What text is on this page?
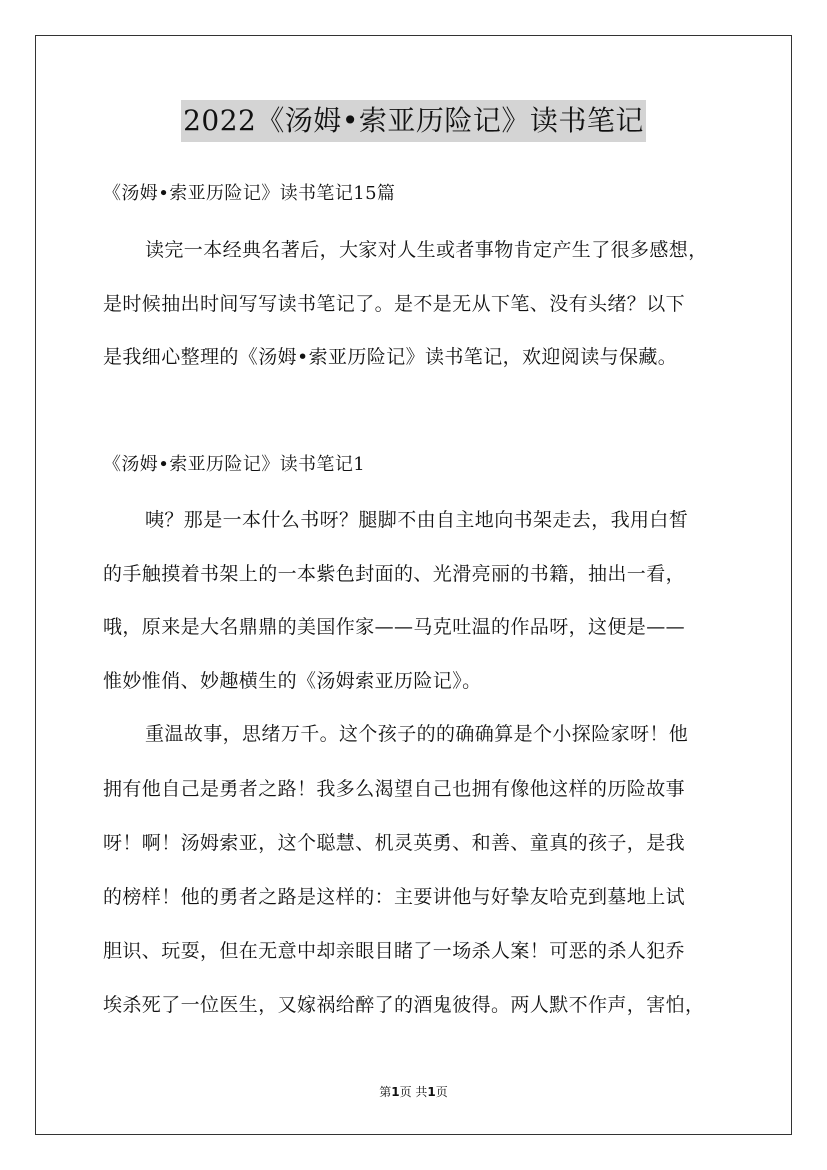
2022《汤姆•索亚历险记》读书笔记
《汤姆•索亚历险记》读书笔记15篇
读完一本经典名著后，大家对人生或者事物肯定产生了很多感想，
是时候抽出时间写写读书笔记了。是不是无从下笔、没有头绪？以下
是我细心整理的《汤姆•索亚历险记》读书笔记，欢迎阅读与保藏。
《汤姆•索亚历险记》读书笔记1
咦？那是一本什么书呀？腿脚不由自主地向书架走去，我用白皙
的手触摸着书架上的一本紫色封面的、光滑亮丽的书籍，抽出一看，
哦，原来是大名鼎鼎的美国作家——马克吐温的作品呀，这便是——
惟妙惟俏、妙趣横生的《汤姆索亚历险记》。
重温故事，思绪万千。这个孩子的的确确算是个小探险家呀！他
拥有他自己是勇者之路！我多么渴望自己也拥有像他这样的历险故事
呀！啊！汤姆索亚，这个聪慧、机灵英勇、和善、童真的孩子，是我
的榜样！他的勇者之路是这样的：主要讲他与好挚友哈克到墓地上试
胆识、玩耍，但在无意中却亲眼目睹了一场杀人案！可恶的杀人犯乔
埃杀死了一位医生，又嫁祸给醉了的酒鬼彼得。两人默不作声，害怕，
第1页 共1页
